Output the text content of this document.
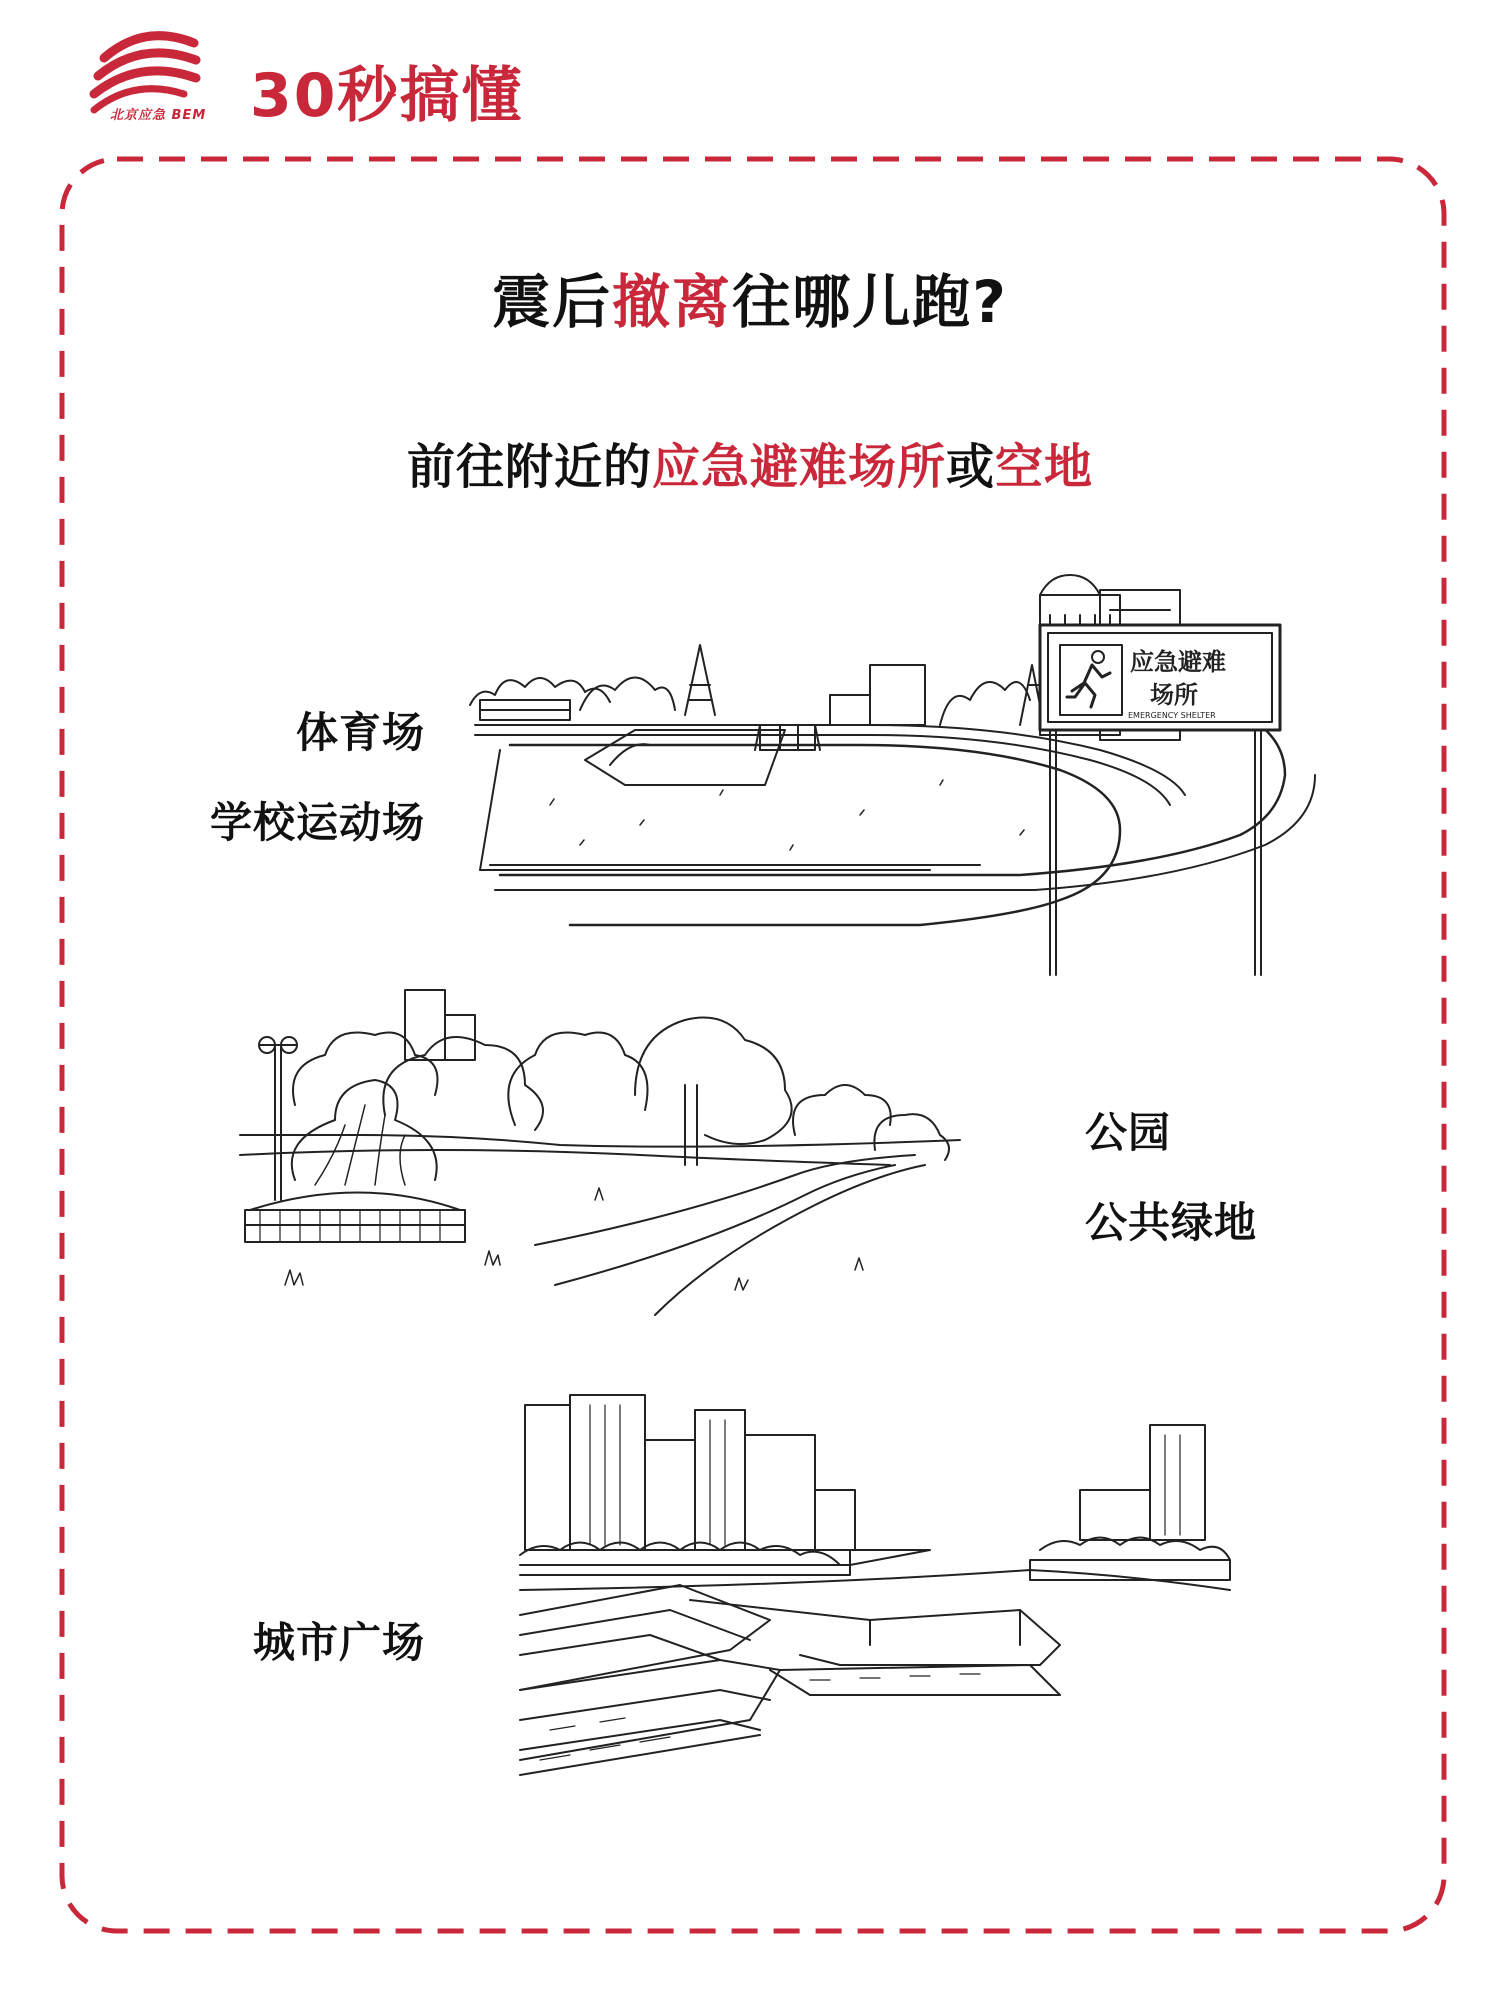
北京应急 BEM 30秒搞懂
震后撤离往哪儿跑?
前往附近的应急避难场所或空地
体育场
学校运动场
公园
公共绿地
城市广场
应急避难
场所
EMERGENCY SHELTER
